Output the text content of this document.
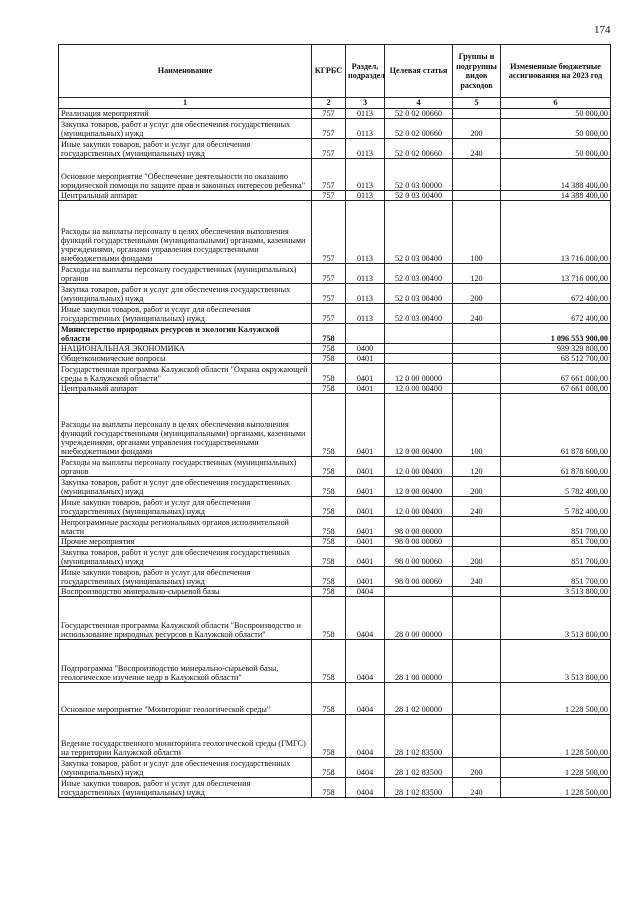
174
Наименование	КГРБС	Раздел, подраздел	Целевая статья	Группы и подгруппы видов расходов	Измененные бюджетные ассигнования на 2023 год
1	2	3	4	5	6
Реализация мероприятий	757	0113	52 0 02 00660		50 000,00
Закупка товаров, работ и услуг для обеспечения государственных (муниципальных) нужд	757	0113	52 0 02 00660	200	50 000,00
Иные закупки товаров, работ и услуг для обеспечения государственных (муниципальных) нужд	757	0113	52 0 02 00660	240	50 000,00
Основное мероприятие "Обеспечение деятельности по оказанию юридической помощи по защите прав и законных интересов ребенка"	757	0113	52 0 03 00000		14 388 400,00
Центральный аппарат	757	0113	52 0 03 00400		14 388 400,00
Расходы на выплаты персоналу в целях обеспечения выполнения функций государственными (муниципальными) органами, казенными учреждениями, органами управления государственными внебюджетными фондами	757	0113	52 0 03 00400	100	13 716 000,00
Расходы на выплаты персоналу государственных (муниципальных) органов	757	0113	52 0 03 00400	120	13 716 000,00
Закупка товаров, работ и услуг для обеспечения государственных (муниципальных) нужд	757	0113	52 0 03 00400	200	672 400,00
Иные закупки товаров, работ и услуг для обеспечения государственных (муниципальных) нужд	757	0113	52 0 03 00400	240	672 400,00
Министерство природных ресурсов и экологии Калужской области	758				1 096 553 900,00
НАЦИОНАЛЬНАЯ ЭКОНОМИКА	758	0400			939 329 800,00
Общеэкономические вопросы	758	0401			68 512 700,00
Государственная программа Калужской области "Охрана окружающей среды в Калужской области"	758	0401	12 0 00 00000		67 661 000,00
Центральный аппарат	758	0401	12 0 00 00400		67 661 000,00
Расходы на выплаты персоналу в целях обеспечения выполнения функций государственными (муниципальными) органами, казенными учреждениями, органами управления государственными внебюджетными фондами	758	0401	12 0 00 00400	100	61 878 600,00
Расходы на выплаты персоналу государственных (муниципальных) органов	758	0401	12 0 00 00400	120	61 878 600,00
Закупка товаров, работ и услуг для обеспечения государственных (муниципальных) нужд	758	0401	12 0 00 00400	200	5 782 400,00
Иные закупки товаров, работ и услуг для обеспечения государственных (муниципальных) нужд	758	0401	12 0 00 00400	240	5 782 400,00
Непрограммные расходы региональных органов исполнительной власти	758	0401	98 0 00 00000		851 700,00
Прочие мероприятия	758	0401	98 0 00 00060		851 700,00
Закупка товаров, работ и услуг для обеспечения государственных (муниципальных) нужд	758	0401	98 0 00 00060	200	851 700,00
Иные закупки товаров, работ и услуг для обеспечения государственных (муниципальных) нужд	758	0401	98 0 00 00060	240	851 700,00
Воспроизводство минерально-сырьевой базы	758	0404			3 513 800,00
Государственная программа Калужской области "Воспроизводство и использование природных ресурсов в Калужской области"	758	0404	28 0 00 00000		3 513 800,00
Подпрограмма "Воспроизводство минерально-сырьевой базы, геологическое изучение недр в Калужской области"	758	0404	28 1 00 00000		3 513 800,00
Основное мероприятие "Мониторинг геологической среды"	758	0404	28 1 02 00000		1 228 500,00
Ведение государственного мониторинга геологической среды (ГМГС) на территории Калужской области	758	0404	28 1 02 83500		1 228 500,00
Закупка товаров, работ и услуг для обеспечения государственных (муниципальных) нужд	758	0404	28 1 02 83500	200	1 228 500,00
Иные закупки товаров, работ и услуг для обеспечения государственных (муниципальных) нужд	758	0404	28 1 02 83500	240	1 228 500,00
